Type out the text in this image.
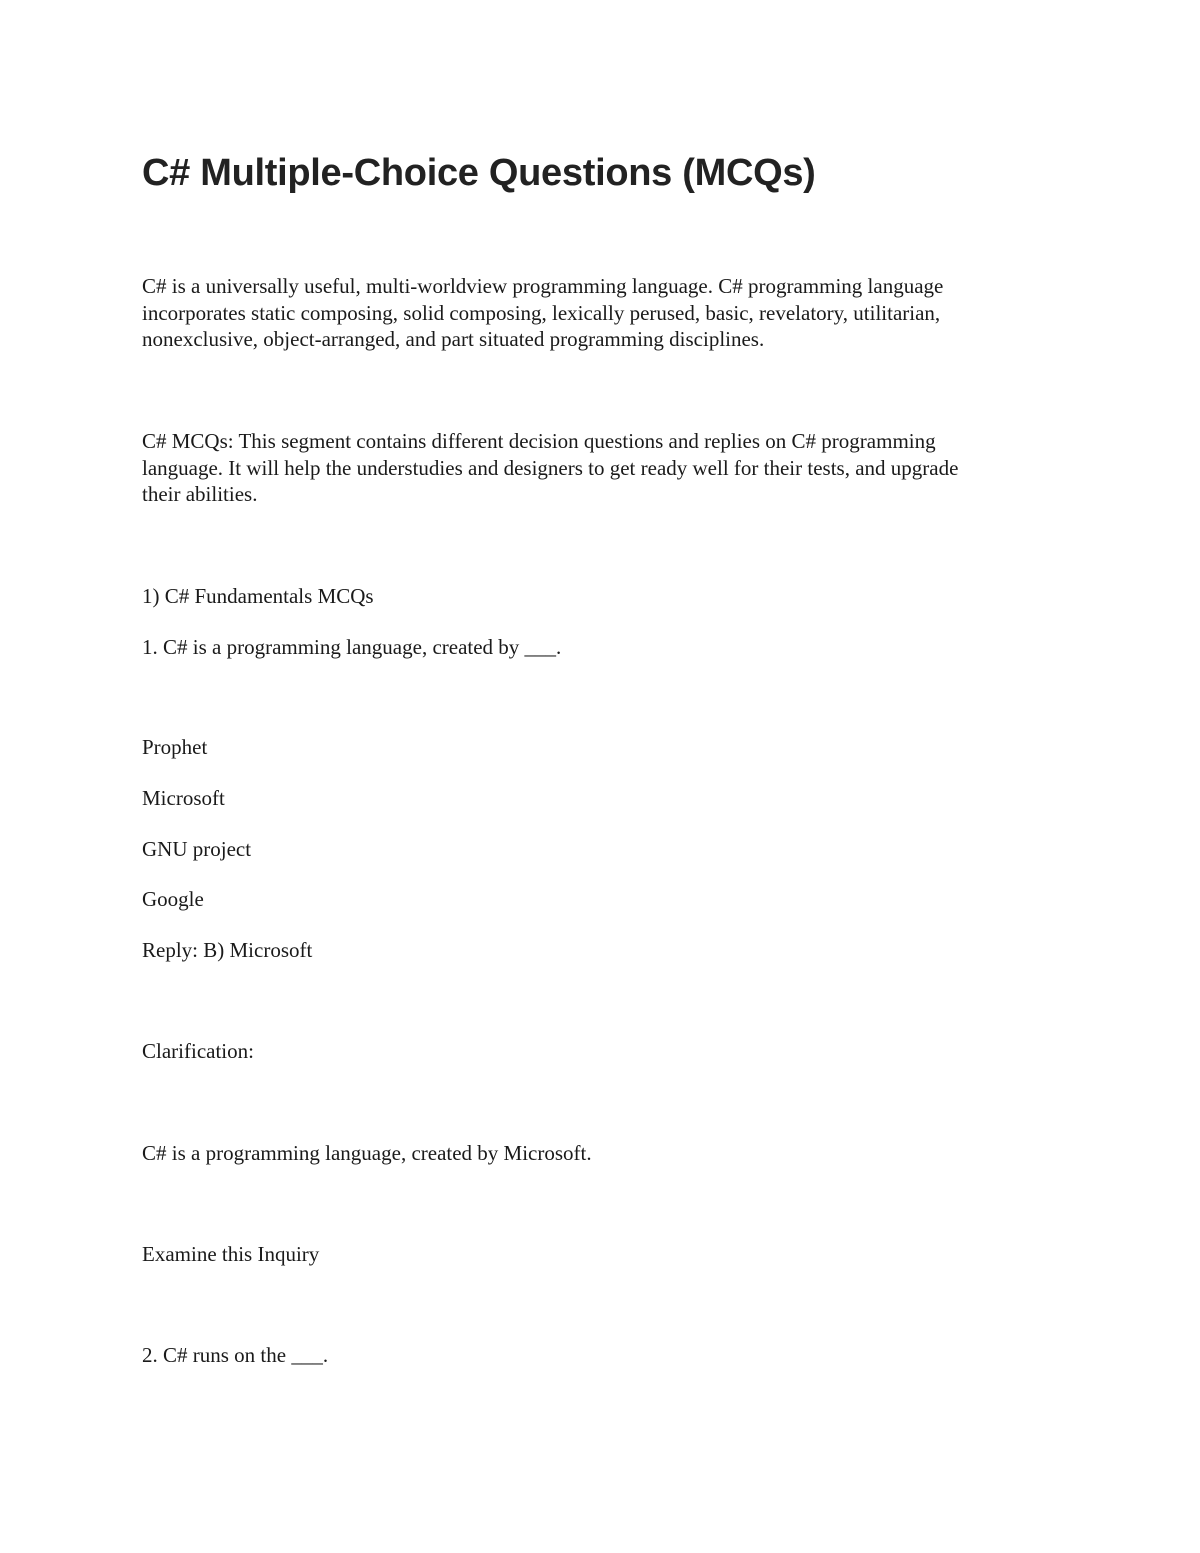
C# Multiple-Choice Questions (MCQs)

C# is a universally useful, multi-worldview programming language. C# programming language
incorporates static composing, solid composing, lexically perused, basic, revelatory, utilitarian,
nonexclusive, object-arranged, and part situated programming disciplines.

C# MCQs: This segment contains different decision questions and replies on C# programming
language. It will help the understudies and designers to get ready well for their tests, and upgrade
their abilities.

1) C# Fundamentals MCQs

1. C# is a programming language, created by ___.

Prophet

Microsoft

GNU project

Google

Reply: B) Microsoft

Clarification:

C# is a programming language, created by Microsoft.

Examine this Inquiry

2. C# runs on the ___.
